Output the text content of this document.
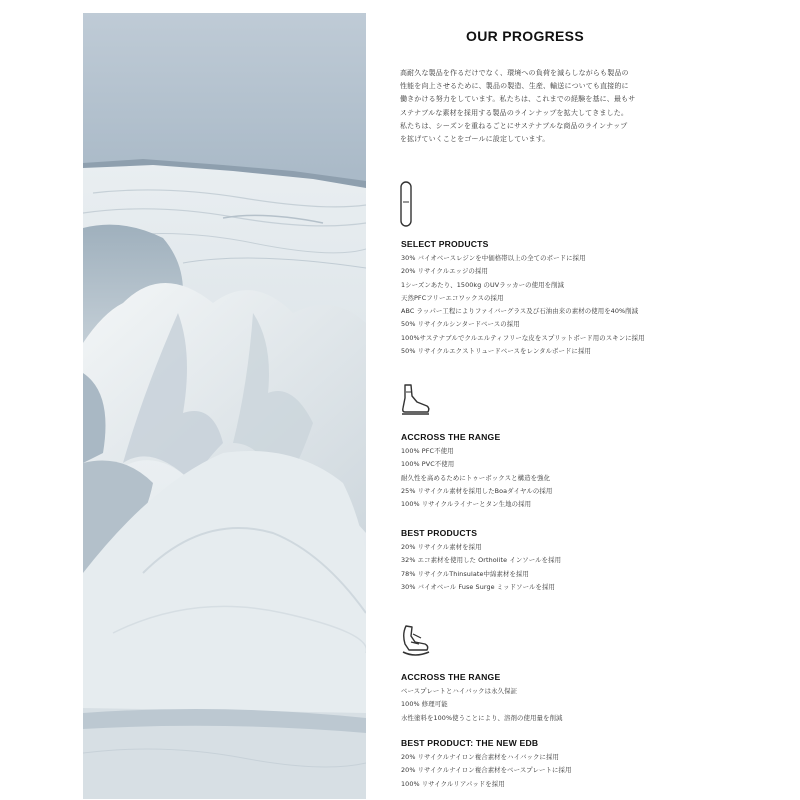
OUR PROGRESS

高耐久な製品を作るだけでなく、環境への負荷を減らしながらも製品の

性能を向上させるために、製品の製造、生産、輸送についても直接的に

働きかける努力をしています。私たちは、これまでの経験を基に、最もサ

ステナブルな素材を採用する製品のラインナップを拡大してきました。

私たちは、シーズンを重ねるごとにサステナブルな商品のラインナップ

を拡げていくことをゴールに設定しています。

SELECT PRODUCTS
30% バイオベースレジンを中価格帯以上の全てのボードに採用
20% リサイクルエッジの採用
1シーズンあたり、1500kg のUVラッカーの使用を削減
天然PFCフリーエコワックスの採用
ABC ラッパー工程によりファイバーグラス及び石油由来の素材の使用を40%削減
50% リサイクルシンタードベースの採用
100%サステナブルでクルエルティフリーな皮をスプリットボード用のスキンに採用
50% リサイクルエクストリュードベースをレンタルボードに採用
ACCROSS THE RANGE
100% PFC不使用
100% PVC不使用
耐久性を高めるためにトゥーボックスと構造を強化
25% リサイクル素材を採用したBoaダイヤルの採用
100% リサイクルライナーとタン生地の採用
BEST PRODUCTS
20% リサイクル素材を採用
32% エコ素材を使用した Ortholite インソールを採用
78% リサイクルThinsulate中綿素材を採用
30% バイオベール Fuse Surge ミッドソールを採用
ACCROSS THE RANGE
ベースプレートとハイバックは永久保証
100% 修理可能
水性塗料を100%使うことにより、溶剤の使用量を削減
BEST PRODUCT: THE NEW EDB
20% リサイクルナイロン複合素材をハイバックに採用
20% リサイクルナイロン複合素材をベースプレートに採用
100% リサイクルリアパッドを採用
